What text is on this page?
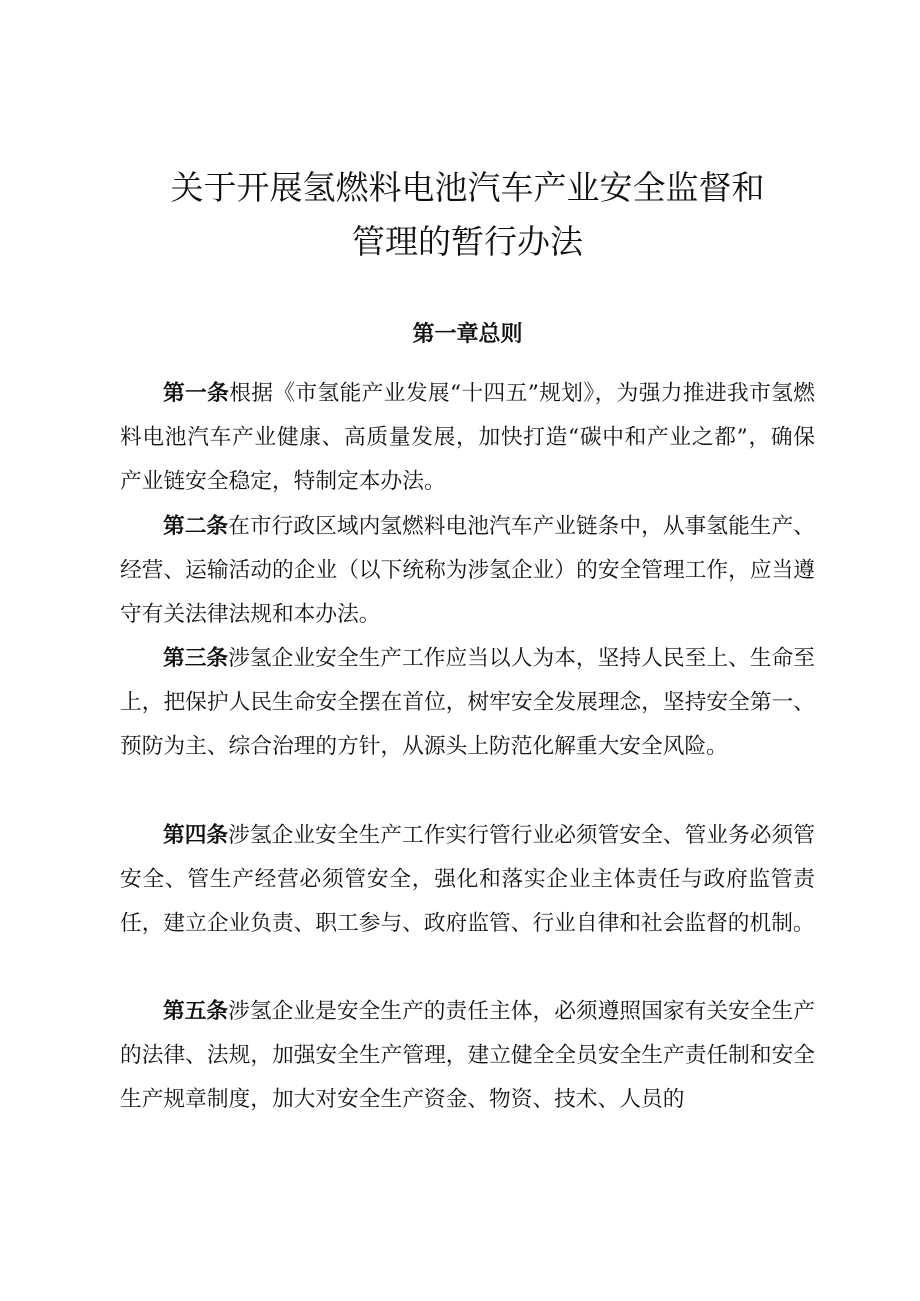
关于开展氢燃料电池汽车产业安全监督和
管理的暂行办法
第一章总则

第一条根据《市氢能产业发展“十四五”规划》，为强力推进我市氢燃料电池汽车产业健康、高质量发展，加快打造“碳中和产业之都”，确保产业链安全稳定，特制定本办法。

第二条在市行政区域内氢燃料电池汽车产业链条中，从事氢能生产、经营、运输活动的企业（以下统称为涉氢企业）的安全管理工作，应当遵守有关法律法规和本办法。

第三条涉氢企业安全生产工作应当以人为本，坚持人民至上、生命至上，把保护人民生命安全摆在首位，树牢安全发展理念，坚持安全第一、预防为主、综合治理的方针，从源头上防范化解重大安全风险。

第四条涉氢企业安全生产工作实行管行业必须管安全、管业务必须管安全、管生产经营必须管安全，强化和落实企业主体责任与政府监管责任，建立企业负责、职工参与、政府监管、行业自律和社会监督的机制。

第五条涉氢企业是安全生产的责任主体，必须遵照国家有关安全生产的法律、法规，加强安全生产管理，建立健全全员安全生产责任制和安全生产规章制度，加大对安全生产资金、物资、技术、人员的
